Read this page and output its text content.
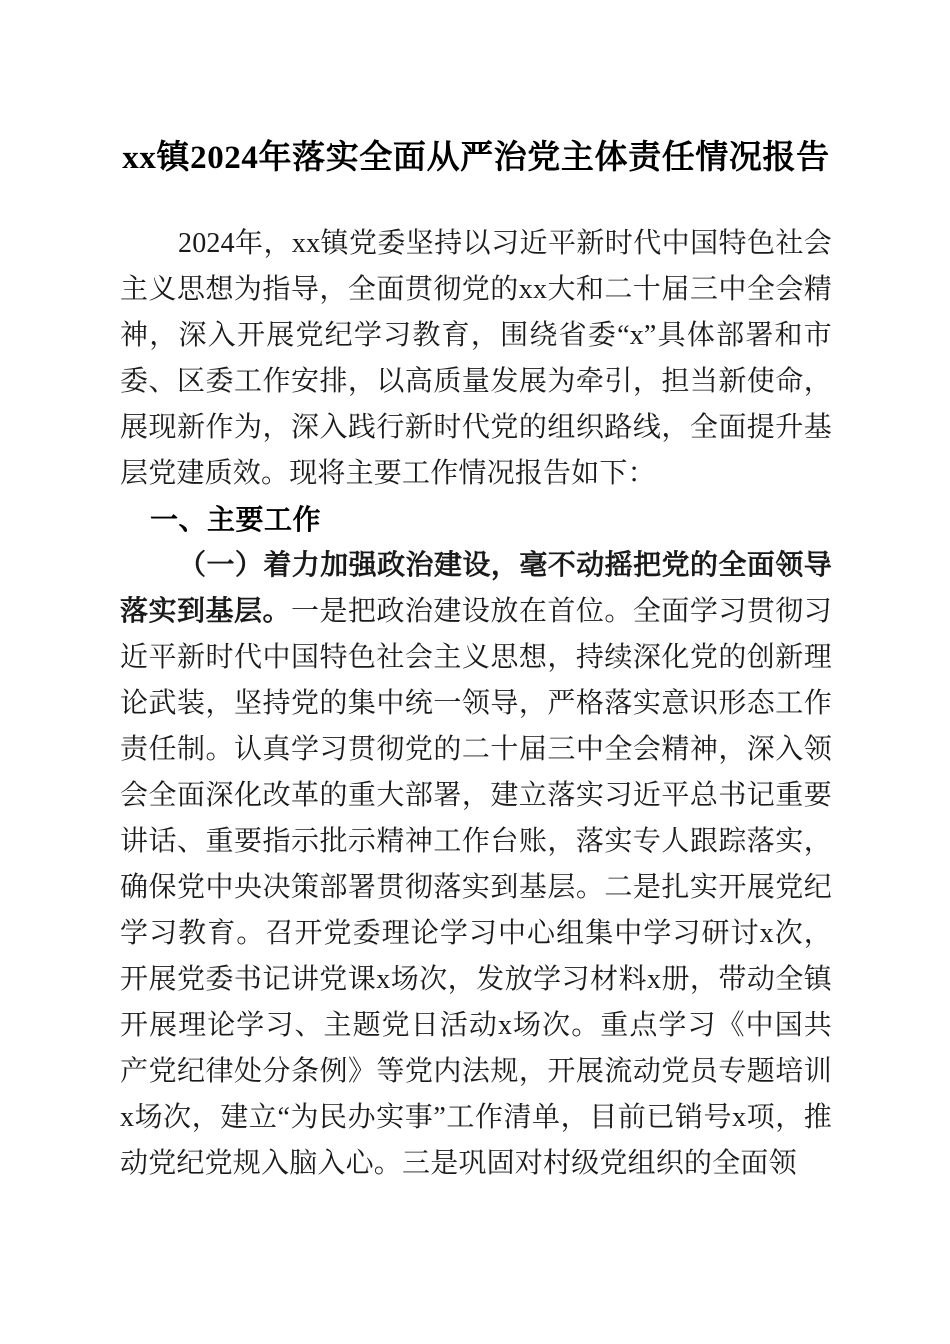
xx镇2024年落实全面从严治党主体责任情况报告

2024年，xx镇党委坚持以习近平新时代中国特色社会主义思想为指导，全面贯彻党的xx大和二十届三中全会精神，深入开展党纪学习教育，围绕省委“x”具体部署和市委、区委工作安排，以高质量发展为牵引，担当新使命，展现新作为，深入践行新时代党的组织路线，全面提升基层党建质效。现将主要工作情况报告如下：

一、主要工作

（一）着力加强政治建设，毫不动摇把党的全面领导落实到基层。一是把政治建设放在首位。全面学习贯彻习近平新时代中国特色社会主义思想，持续深化党的创新理论武装，坚持党的集中统一领导，严格落实意识形态工作责任制。认真学习贯彻党的二十届三中全会精神，深入领会全面深化改革的重大部署，建立落实习近平总书记重要讲话、重要指示批示精神工作台账，落实专人跟踪落实，确保党中央决策部署贯彻落实到基层。二是扎实开展党纪学习教育。召开党委理论学习中心组集中学习研讨x次，开展党委书记讲党课x场次，发放学习材料x册，带动全镇开展理论学习、主题党日活动x场次。重点学习《中国共产党纪律处分条例》等党内法规，开展流动党员专题培训x场次，建立“为民办实事”工作清单，目前已销号x项，推动党纪党规入脑入心。三是巩固对村级党组织的全面领
